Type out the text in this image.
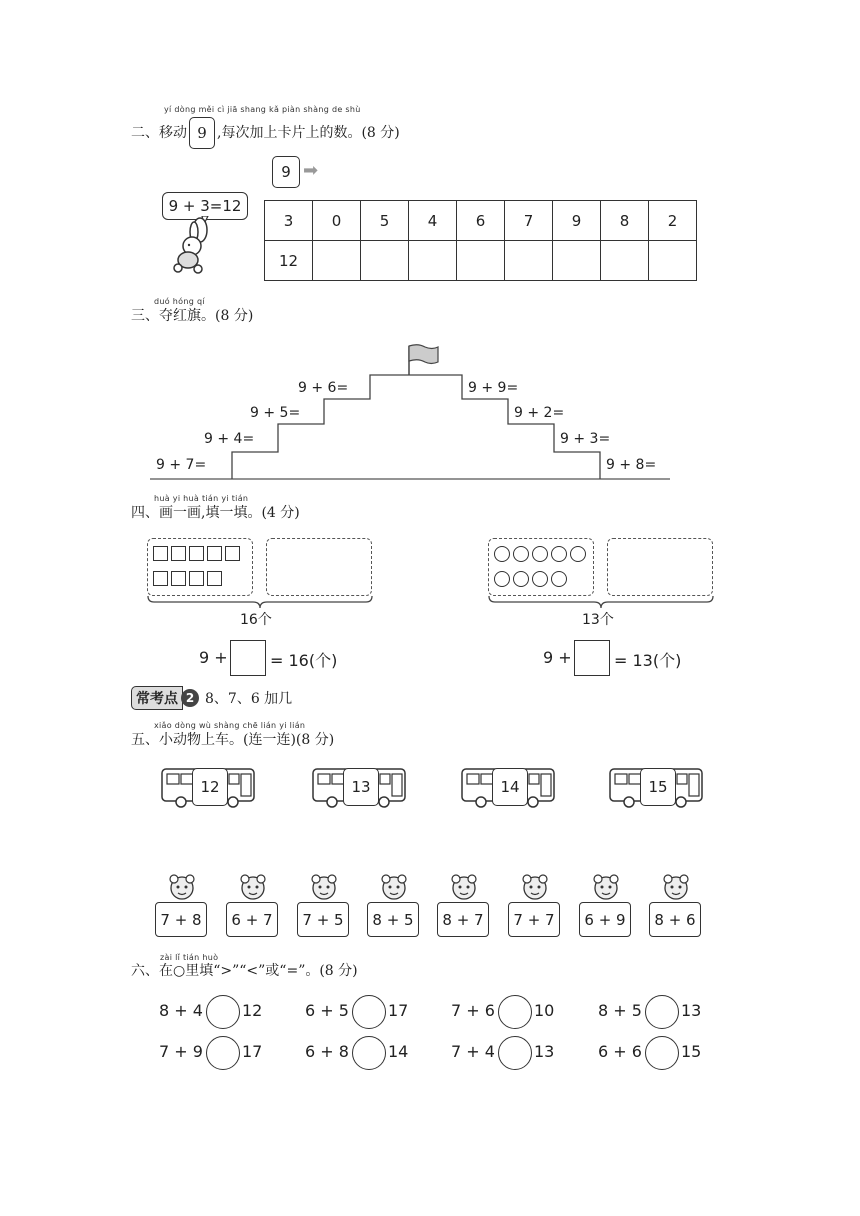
yí dòng měi cì jiā shang kǎ piàn shàng de shù
二、移动 9 ,每次加上卡片上的数。(8 分)
9 ➡
9 + 3=12
3	0	5	4	6	7	9	8	2
12								
duó hóng qí
三、夺红旗。(8 分)
9 + 7=
9 + 4=
9 + 5=
9 + 6=	9 + 9=
9 + 2=
9 + 3=
9 + 8=
huà yi huà tián yi tián
四、画一画,填一填。(4 分)
16个	13个
9 +	= 16(个)	9 +	= 13(个)
常考点 2 8、7、6 加几
xiǎo dòng wù shàng chē lián yi lián
五、小动物上车。(连一连)(8 分)
12	13	14	15
7 + 8	6 + 7	7 + 5	8 + 5	8 + 7	7 + 7	6 + 9	8 + 6
zài lǐ tián huò
六、在○里填“>”“<”或“=”。(8 分)
8 + 4 12	6 + 5 17	7 + 6 10	8 + 5 13
7 + 9 17	6 + 8 14	7 + 4 13	6 + 6 15
